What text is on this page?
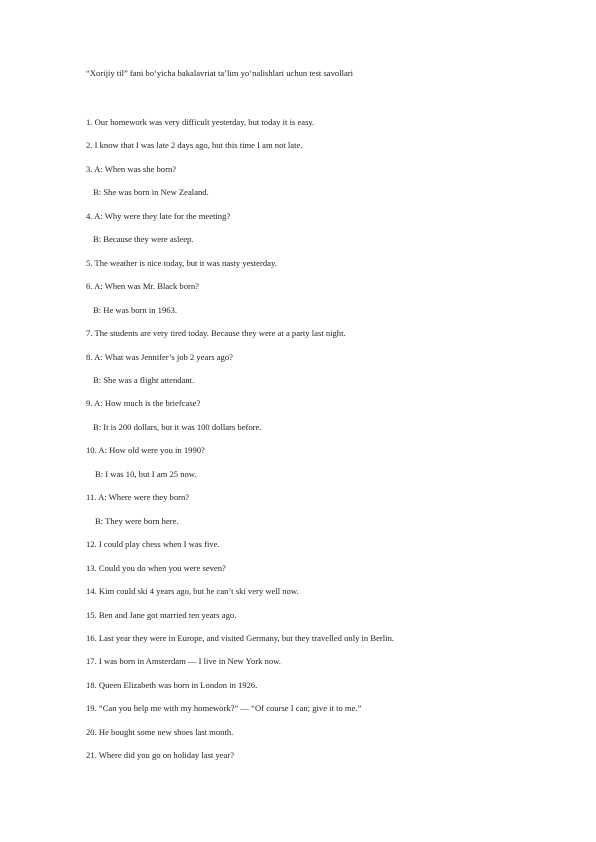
“Xorijiy til” fani bo‘yicha bakalavriat ta’lim yo‘nalishlari uchun test savollari
1. Our homework was very difficult yesterday, but today it is easy.
2. I know that I was late 2 days ago, but this time I am not late.
3. A: When was she born?
B: She was born in New Zealand.
4. A: Why were they late for the meeting?
B: Because they were asleep.
5. The weather is nice today, but it was nasty yesterday.
6. A: When was Mr. Black born?
B: He was born in 1963.
7. The students are very tired today. Because they were at a party last night.
8. A: What was Jennifer’s job 2 years ago?
B: She was a flight attendant.
9. A: How much is the briefcase?
B: It is 200 dollars, but it was 100 dollars before.
10. A: How old were you in 1990?
B: I was 10, but I am 25 now.
11. A: Where were they born?
B: They were born here.
12. I could play chess when I was five.
13. Could you do when you were seven?
14. Kim could ski 4 years ago, but he can’t ski very well now.
15. Ben and Jane got married ten years ago.
16. Last year they were in Europe, and visited Germany, but they travelled only in Berlin.
17. I was born in Amsterdam — I live in New York now.
18. Queen Elizabeth was born in London in 1926.
19. “Can you help me with my homework?” — “Of course I can; give it to me.”
20. He bought some new shoes last month.
21. Where did you go on holiday last year?
